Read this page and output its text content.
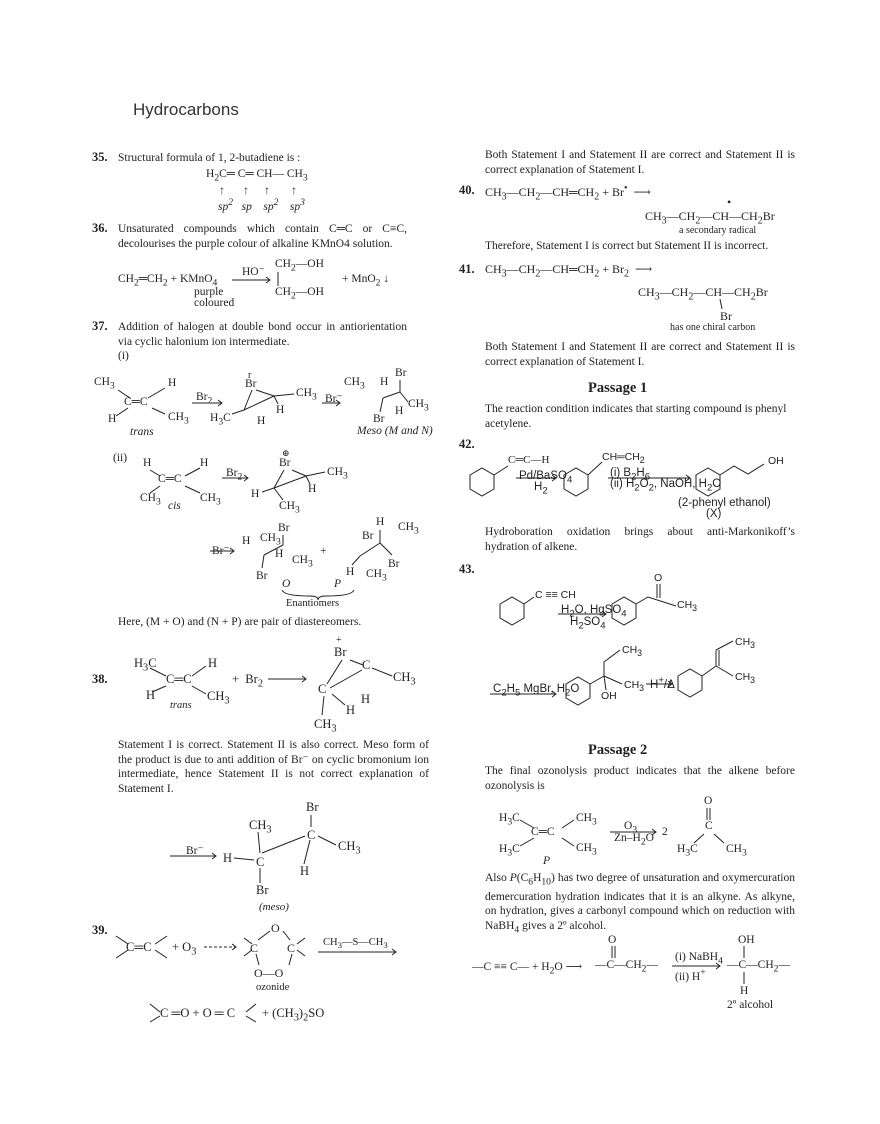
Hydrocarbons
35. Structural formula of 1, 2-butadiene is :
$H_2C═$ C═ CH— $CH_3$
↑      ↑     ↑       ↑
$sp^2$   sp    $sp^2$    $sp^3$
36. Unsaturated compounds which contain C═C or C≡C, decolourises the purple colour of alkaline KMnO4 solution.
$CH_2═CH_2$ + KMnO$_4$
purple
coloured
HO⁻
$CH_2—OH$
$CH_2—OH$
+ MnO$_2$ ↓
37. Addition of halogen at double bond occur in antiorientation via cyclic halonium ion intermediate.
(i)
$CH_3$	H
C═C
H	$CH_3$
trans
$Br_2$
r
Br
$CH_3$
$H_3C$ H
H
Br⁻
$CH_3$ H
Br
$CH_3$
H
Br
Meso (M and N)
(ii) H	H
C═C
$CH_3$	$CH_3$
cis
$Br_2$
⊕
Br
$CH_3$
H	H
$CH_3$
Br⁻
Br
H $CH_3$
H $CH_3$
Br
+
H $CH_3$
Br
Br
H $CH_3$
O	P
Enantiomers
Here, (M + O) and (N + P) are pair of diastereomers.
38.
$H_3C$	H
C═C
H	$CH_3$
trans
+  $Br_2$
+
Br
C
$CH_3$
C
H
H
$CH_3$
Statement I is correct. Statement II is also correct. Meso form of the product is due to anti addition of Br⁻ on cyclic bromonium ion intermediate, hence Statement II is not correct explanation of Statement I.
Br⁻
Br
$CH_3$	C
$CH_3$
H C
H
Br
(meso)
39.
C═C + $O_3$
O
C C
O—O
ozonide
$CH_3—S—CH_3$
C ═O + O ═ $C + (CH_3)_2SO$
Both Statement I and Statement II are correct and Statement II is correct explanation of Statement I.
40. $CH_3—CH_2—CH═CH_2 + Br^•$  ⟶
•
$CH_3—CH_2—CH—CH_2Br$
a secondary radical
Therefore, Statement I is correct but Statement II is incorrect.
41. $CH_3—CH_2—CH═CH_2 + Br_2$  ⟶
$CH_3—CH_2—CH—CH_2Br$
Br
has one chiral carbon
Both Statement I and Statement II are correct and Statement II is correct explanation of Statement I.
Passage 1
The reaction condition indicates that starting compound is phenyl acetylene.
42.
C═C—H
Pd/BaSO$_4$
$H_2$
$CH═CH_2$
(i) $B_2H_6$
(ii) $H_2O_2$, NaOH, $H_2O$
OH
(2-phenyl ethanol)
(X)
Hydroboration oxidation brings about anti-Markonikoff’s hydration of alkene.
43.
C ≡≡ CH
$H_2O$, HgSO$_4$
$H_2SO_4$
O
$CH_3$
$CH_3$
$CH_3$
OH
$C_2H_5$ MgBr, $H_2O$	H+/Δ
$CH_3$
$CH_3$
Passage 2
The final ozonolysis product indicates that the alkene before ozonolysis is
$H_3C$	$CH_3$
C═C
$H_3C$	$CH_3$
P
$O_3$
$Zn-H_2O$ 2
O
C
$H_3C$ $CH_3$
Also $P(C_6H_{10})$ has two degree of unsaturation and oxymercuration demercuration hydration indicates that it is an alkyne. As alkyne, on hydration, gives a carbonyl compound which on reduction with NaBH$_4$ gives a 2º alcohol.
—C ≡≡ C— + $H_2O$ ⟶
O
$—C—CH_2—$
(i) NaBH$_4$
(ii) H+
OH
$—C—CH_2—$
H
2º alcohol
